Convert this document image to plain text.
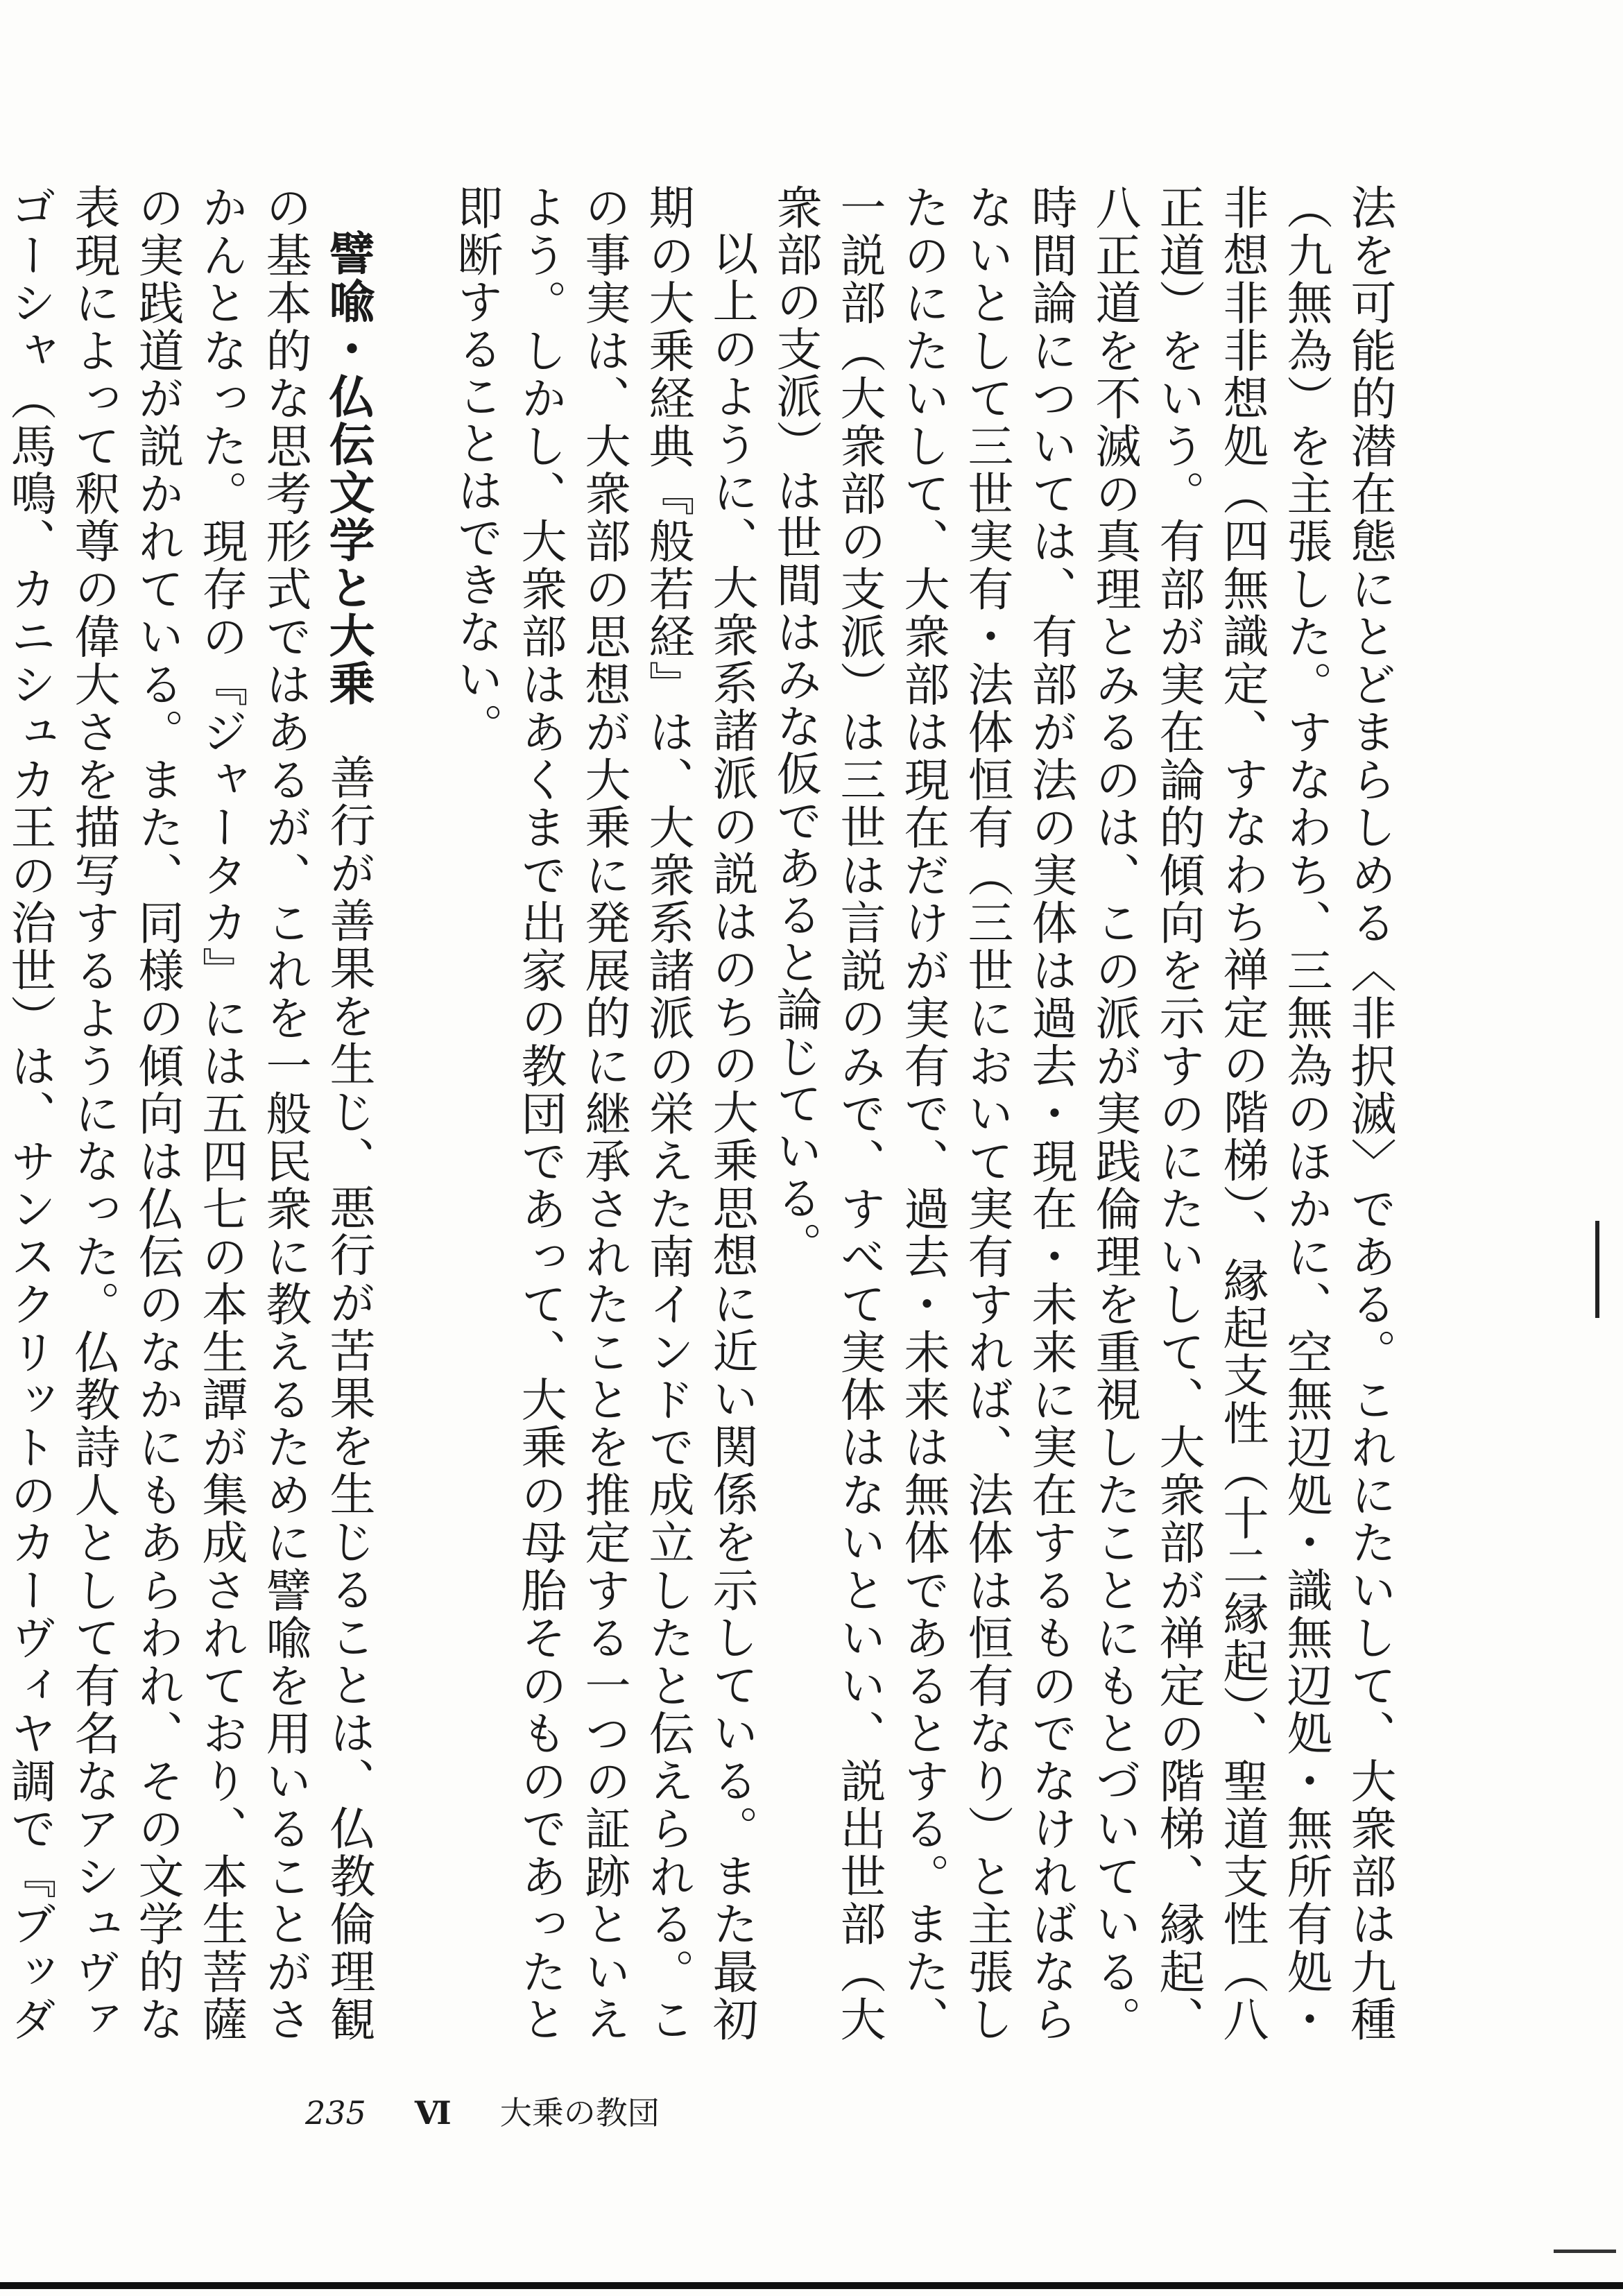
法を可能的潜在態にとどまらしめる〈非択滅〉である。これにたいして、大衆部は九種（九無為）を主張した。すなわち、三無為のほかに、空無辺処・識無辺処・無所有処・非想非非想処（四無識定、すなわち禅定の階梯）、縁起支性（十二縁起）、聖道支性（八正道）をいう。有部が実在論的傾向を示すのにたいして、大衆部が禅定の階梯、縁起、八正道を不滅の真理とみるのは、この派が実践倫理を重視したことにもとづいている。時間論については、有部が法の実体は過去・現在・未来に実在するものでなければならないとして三世実有・法体恒有（三世において実有すれば、法体は恒有なり）と主張したのにたいして、大衆部は現在だけが実有で、過去・未来は無体であるとする。また、一説部（大衆部の支派）は三世は言説のみで、すべて実体はないといい、説出世部（大衆部の支派）は世間はみな仮であると論じている。

以上のように、大衆系諸派の説はのちの大乗思想に近い関係を示している。また最初期の大乗経典『般若経』は、大衆系諸派の栄えた南インドで成立したと伝えられる。この事実は、大衆部の思想が大乗に発展的に継承されたことを推定する一つの証跡といえよう。しかし、大衆部はあくまで出家の教団であって、大乗の母胎そのものであったと即断することはできない。

譬喩・仏伝文学と大乗　善行が善果を生じ、悪行が苦果を生じることは、仏教倫理観の基本的な思考形式ではあるが、これを一般民衆に教えるために譬喩を用いることがさかんとなった。現存の『ジャータカ』には五四七の本生譚が集成されており、本生菩薩の実践道が説かれている。また、同様の傾向は仏伝のなかにもあらわれ、その文学的な表現によって釈尊の偉大さを描写するようになった。仏教詩人として有名なアシュヴァゴーシャ（馬鳴、カニシュカ王の治世）は、サンスクリットのカーヴィヤ調で『ブッダ

235 Ⅵ 大乗の教団
